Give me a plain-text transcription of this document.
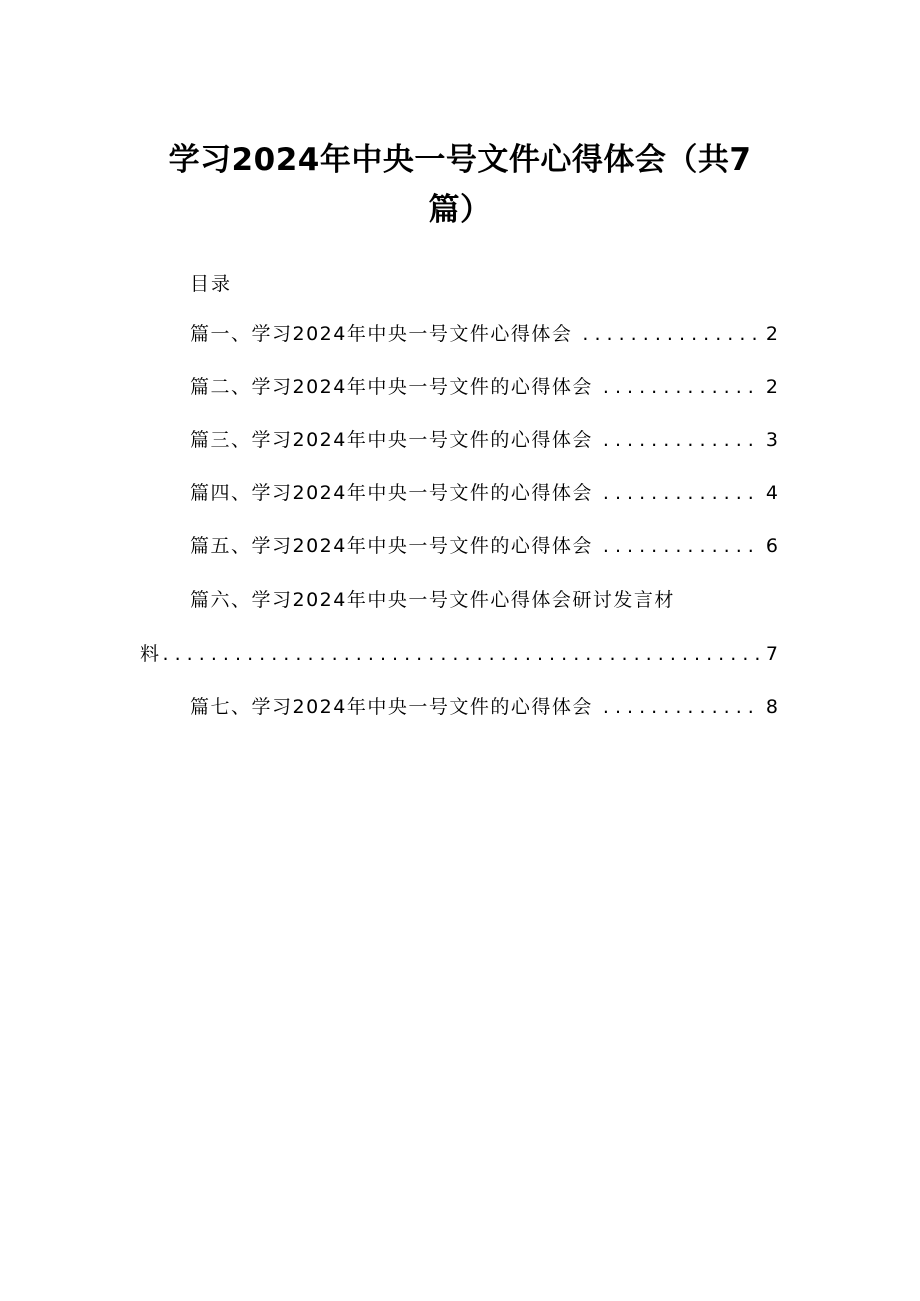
学习2024年中央一号文件心得体会（共7
篇）
目录
篇一、学习2024年中央一号文件心得体会 . . .	2
篇二、学习2024年中央一号文件的心得体会 . . .	2
篇三、学习2024年中央一号文件的心得体会 . . .	3
篇四、学习2024年中央一号文件的心得体会 . . .	4
篇五、学习2024年中央一号文件的心得体会 . . .	6
篇六、学习2024年中央一号文件心得体会研讨发言材
料 . . .	7
篇七、学习2024年中央一号文件的心得体会 . . .	8
